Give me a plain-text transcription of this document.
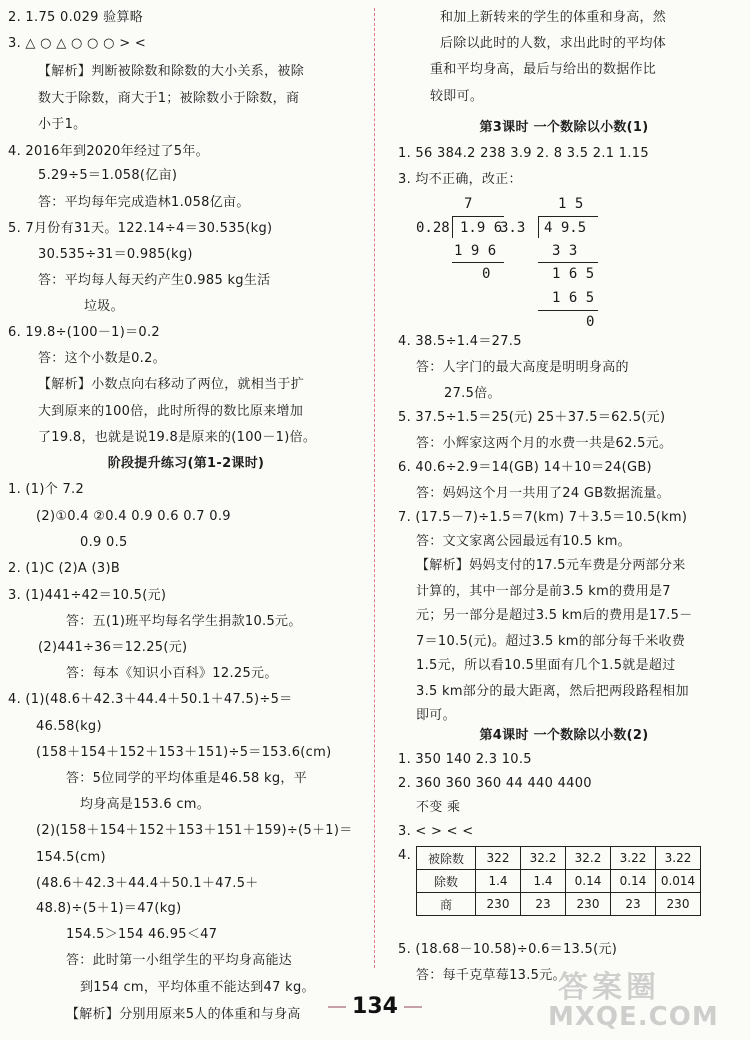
2. 1.75 0.029 验算略
3. △ ○ △ ○ ○ ○ > <
【解析】判断被除数和除数的大小关系，被除
数大于除数，商大于1；被除数小于除数，商
小于1。
4. 2016年到2020年经过了5年。
5.29÷5＝1.058(亿亩)
答：平均每年完成造林1.058亿亩。
5. 7月份有31天。122.14÷4＝30.535(kg)
30.535÷31＝0.985(kg)
答：平均每人每天约产生0.985 kg生活
垃圾。
6. 19.8÷(100－1)＝0.2
答：这个小数是0.2。
【解析】小数点向右移动了两位，就相当于扩
大到原来的100倍，此时所得的数比原来增加
了19.8，也就是说19.8是原来的(100－1)倍。
阶段提升练习(第1-2课时)
1. (1)个 7.2
(2)①0.4 ②0.4 0.9 0.6 0.7 0.9
0.9 0.5
2. (1)C (2)A (3)B
3. (1)441÷42＝10.5(元)
答：五(1)班平均每名学生捐款10.5元。
(2)441÷36＝12.25(元)
答：每本《知识小百科》12.25元。
4. (1)(48.6＋42.3＋44.4＋50.1＋47.5)÷5＝
46.58(kg)
(158＋154＋152＋153＋151)÷5＝153.6(cm)
答：5位同学的平均体重是46.58 kg，平
均身高是153.6 cm。
(2)(158＋154＋152＋153＋151＋159)÷(5＋1)＝
154.5(cm)
(48.6＋42.3＋44.4＋50.1＋47.5＋
48.8)÷(5＋1)＝47(kg)
154.5＞154 46.95＜47
答：此时第一小组学生的平均身高能达
到154 cm，平均体重不能达到47 kg。
【解析】分别用原来5人的体重和与身高
和加上新转来的学生的体重和身高，然
后除以此时的人数，求出此时的平均体
重和平均身高，最后与给出的数据作比
较即可。
第3课时 一个数除以小数(1)
1. 56 384.2 238 3.9 2. 8 3.5 2.1 1.15
3. 均不正确，改正：
7
0.28 1.9 6
1 9 6
0
1 5
3.3 4 9.5
3 3
1 6 5
1 6 5
0
4. 38.5÷1.4＝27.5
答：人字门的最大高度是明明身高的
27.5倍。
5. 37.5÷1.5＝25(元) 25＋37.5＝62.5(元)
答：小辉家这两个月的水费一共是62.5元。
6. 40.6÷2.9＝14(GB) 14＋10＝24(GB)
答：妈妈这个月一共用了24 GB数据流量。
7. (17.5－7)÷1.5＝7(km) 7＋3.5＝10.5(km)
答：文文家离公园最远有10.5 km。
【解析】妈妈支付的17.5元车费是分两部分来
计算的，其中一部分是前3.5 km的费用是7
元；另一部分是超过3.5 km后的费用是17.5－
7＝10.5(元)。超过3.5 km的部分每千米收费
1.5元，所以看10.5里面有几个1.5就是超过
3.5 km部分的最大距离，然后把两段路程相加
即可。
第4课时 一个数除以小数(2)
1. 350 140 2.3 10.5
2. 360 360 360 44 440 4400
不变 乘
3. < > < <
4.
5. (18.68－10.58)÷0.6＝13.5(元)
答：每千克草莓13.5元。
134
答案圈
MXQE.COM
被除数	322	32.2	32.2	3.22	3.22
除数	1.4	1.4	0.14	0.14	0.014
商	230	23	230	23	230
